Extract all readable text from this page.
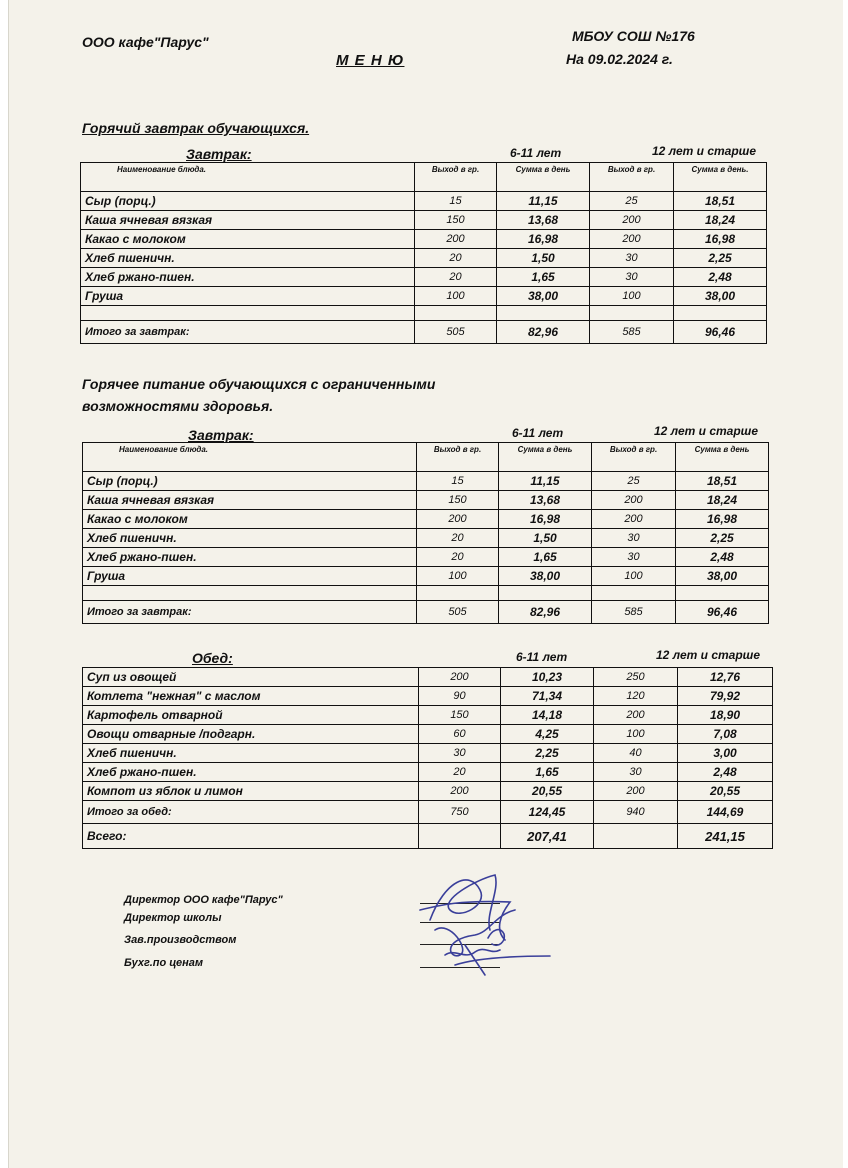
ООО кафе"Парус"	МБОУ СОШ №176
М Е Н Ю	На 09.02.2024 г.
Горячий завтрак обучающихся.
Завтрак:	6-11 лет	12 лет и старше
Наименование блюда.	Выход в гр.	Сумма в день	Выход в гр.	Сумма в день.
Сыр (порц.)	15	11,15	25	18,51
Каша ячневая вязкая	150	13,68	200	18,24
Какао с молоком	200	16,98	200	16,98
Хлеб пшеничн.	20	1,50	30	2,25
Хлеб ржано-пшен.	20	1,65	30	2,48
Груша	100	38,00	100	38,00

Итого за завтрак:	505	82,96	585	96,46
Горячее питание обучающихся с ограниченными
возможностями здоровья.
Завтрак:	6-11 лет	12 лет и старше
Наименование блюда.	Выход в гр.	Сумма в день	Выход в гр.	Сумма в день
Сыр (порц.)	15	11,15	25	18,51
Каша ячневая вязкая	150	13,68	200	18,24
Какао с молоком	200	16,98	200	16,98
Хлеб пшеничн.	20	1,50	30	2,25
Хлеб ржано-пшен.	20	1,65	30	2,48
Груша	100	38,00	100	38,00

Итого за завтрак:	505	82,96	585	96,46
Обед:	6-11 лет	12 лет и старше
Суп из овощей	200	10,23	250	12,76
Котлета "нежная" с маслом	90	71,34	120	79,92
Картофель отварной	150	14,18	200	18,90
Овощи отварные /подгарн.	60	4,25	100	7,08
Хлеб пшеничн.	30	2,25	40	3,00
Хлеб ржано-пшен.	20	1,65	30	2,48
Компот из яблок и лимон	200	20,55	200	20,55
Итого за обед:	750	124,45	940	144,69
Всего:		207,41		241,15
Директор ООО кафе"Парус"
Директор школы
Зав.производством
Бухг.по ценам
